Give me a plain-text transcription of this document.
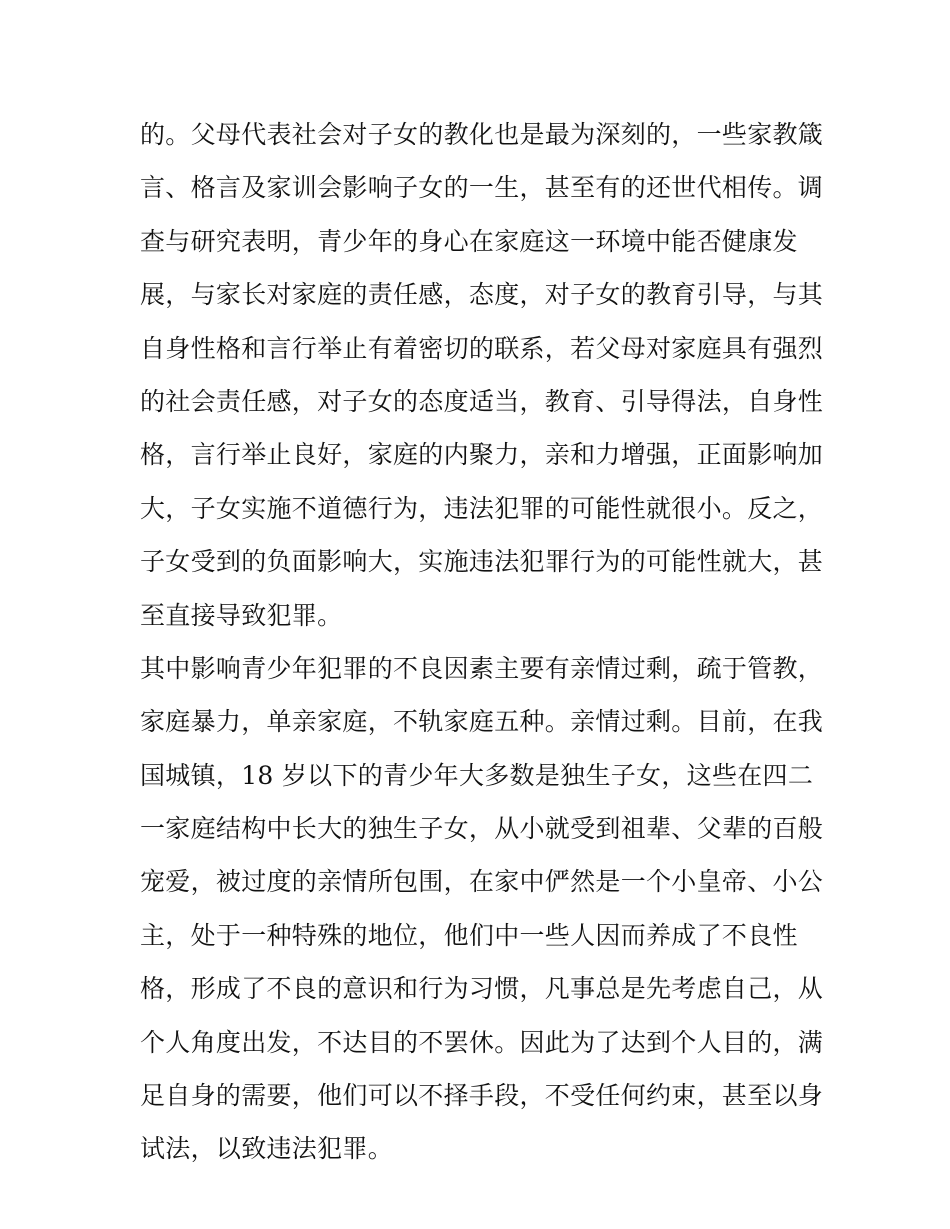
的。父母代表社会对子女的教化也是最为深刻的，一些家教箴
言、格言及家训会影响子女的一生，甚至有的还世代相传。调
查与研究表明，青少年的身心在家庭这一环境中能否健康发
展，与家长对家庭的责任感，态度，对子女的教育引导，与其
自身性格和言行举止有着密切的联系，若父母对家庭具有强烈
的社会责任感，对子女的态度适当，教育、引导得法，自身性
格，言行举止良好，家庭的内聚力，亲和力增强，正面影响加
大，子女实施不道德行为，违法犯罪的可能性就很小。反之，
子女受到的负面影响大，实施违法犯罪行为的可能性就大，甚
至直接导致犯罪。
其中影响青少年犯罪的不良因素主要有亲情过剩，疏于管教，
家庭暴力，单亲家庭，不轨家庭五种。亲情过剩。目前，在我
国城镇，18 岁以下的青少年大多数是独生子女，这些在四二
一家庭结构中长大的独生子女，从小就受到祖辈、父辈的百般
宠爱，被过度的亲情所包围，在家中俨然是一个小皇帝、小公
主，处于一种特殊的地位，他们中一些人因而养成了不良性
格，形成了不良的意识和行为习惯，凡事总是先考虑自己，从
个人角度出发，不达目的不罢休。因此为了达到个人目的，满
足自身的需要，他们可以不择手段，不受任何约束，甚至以身
试法，以致违法犯罪。
